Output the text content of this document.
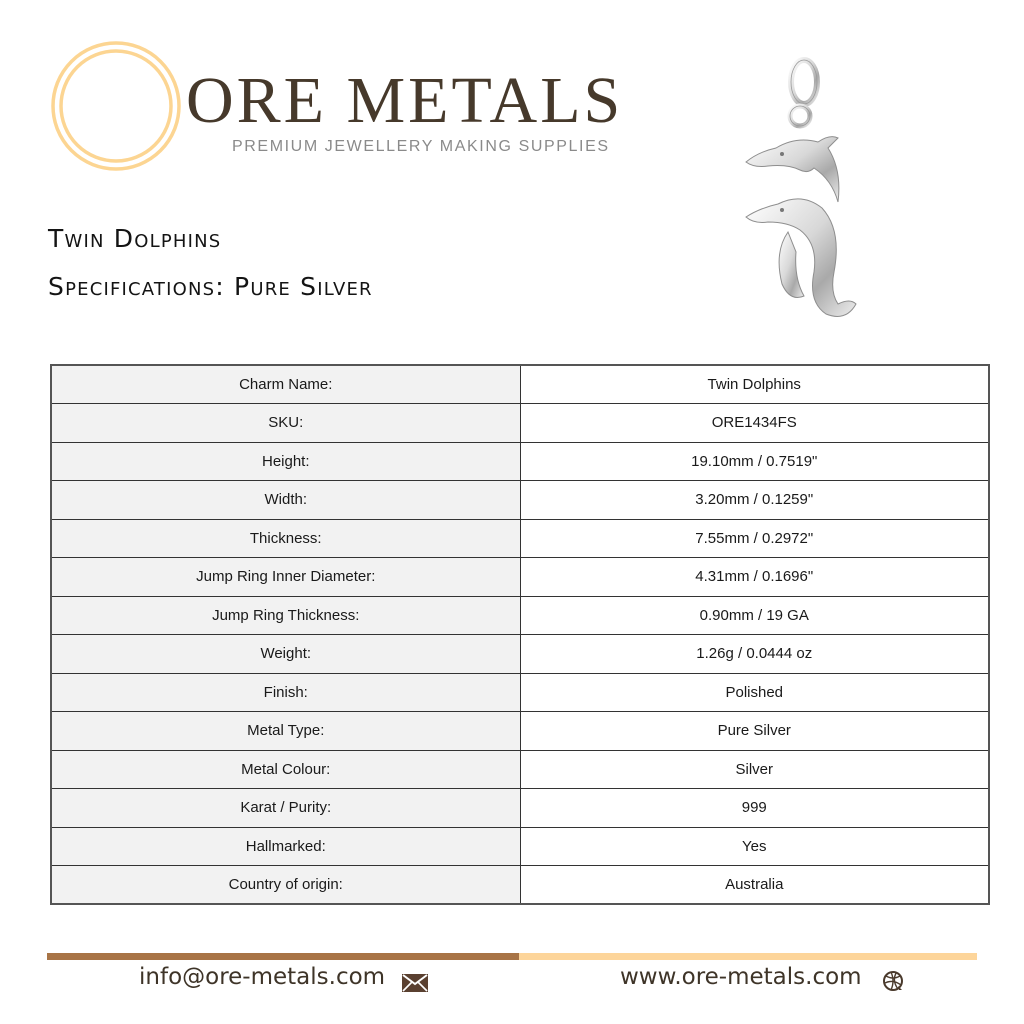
ORE METALS
PREMIUM JEWELLERY MAKING SUPPLIES
Twin Dolphins
Specifications: Pure Silver
Charm Name:	Twin Dolphins
SKU:	ORE1434FS
Height:	19.10mm / 0.7519"
Width:	3.20mm / 0.1259"
Thickness:	7.55mm / 0.2972"
Jump Ring Inner Diameter:	4.31mm / 0.1696"
Jump Ring Thickness:	0.90mm / 19 GA
Weight:	1.26g / 0.0444 oz
Finish:	Polished
Metal Type:	Pure Silver
Metal Colour:	Silver
Karat / Purity:	999
Hallmarked:	Yes
Country of origin:	Australia
info@ore-metals.com	www.ore-metals.com
